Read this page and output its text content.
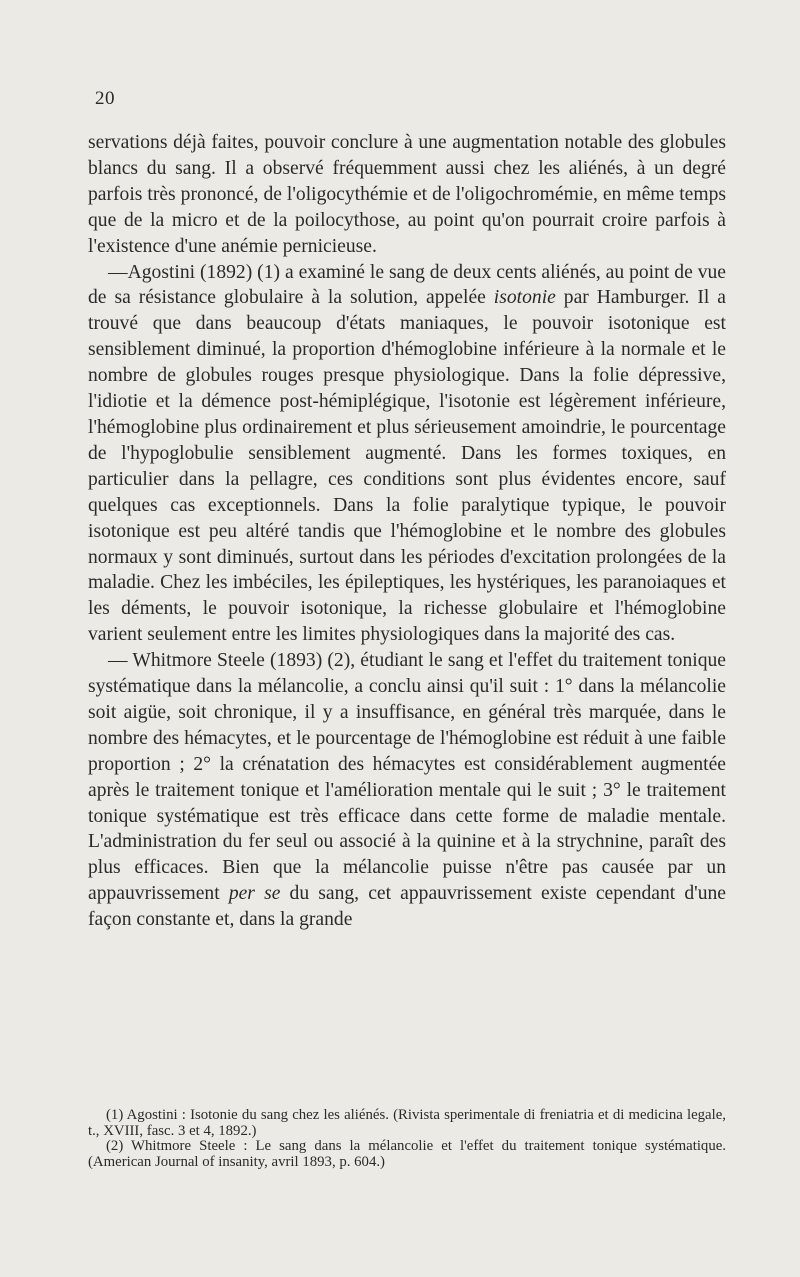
20

servations déjà faites, pouvoir conclure à une augmentation notable des globules blancs du sang. Il a observé fréquemment aussi chez les aliénés, à un degré parfois très prononcé, de l'oligocythémie et de l'oligochromémie, en même temps que de la micro et de la poilocythose, au point qu'on pourrait croire parfois à l'existence d'une anémie pernicieuse.

—Agostini (1892) (1) a examiné le sang de deux cents aliénés, au point de vue de sa résistance globulaire à la solution, appelée isotonie par Hamburger. Il a trouvé que dans beaucoup d'états maniaques, le pouvoir isotonique est sensiblement diminué, la proportion d'hémoglobine inférieure à la normale et le nombre de globules rouges presque physiologique. Dans la folie dépressive, l'idiotie et la démence post-hémiplégique, l'isotonie est légèrement inférieure, l'hémoglobine plus ordinairement et plus sérieusement amoindrie, le pourcentage de l'hypoglobulie sensiblement augmenté. Dans les formes toxiques, en particulier dans la pellagre, ces conditions sont plus évidentes encore, sauf quelques cas exceptionnels. Dans la folie paralytique typique, le pouvoir isotonique est peu altéré tandis que l'hémoglobine et le nombre des globules normaux y sont diminués, surtout dans les périodes d'excitation prolongées de la maladie. Chez les imbéciles, les épileptiques, les hystériques, les paranoiaques et les déments, le pouvoir isotonique, la richesse globulaire et l'hémoglobine varient seulement entre les limites physiologiques dans la majorité des cas.

— Whitmore Steele (1893) (2), étudiant le sang et l'effet du traitement tonique systématique dans la mélancolie, a conclu ainsi qu'il suit : 1° dans la mélancolie soit aigüe, soit chronique, il y a insuffisance, en général très marquée, dans le nombre des hémacytes, et le pourcentage de l'hémoglobine est réduit à une faible proportion ; 2° la crénatation des hémacytes est considérablement augmentée après le traitement tonique et l'amélioration mentale qui le suit ; 3° le traitement tonique systématique est très efficace dans cette forme de maladie mentale. L'administration du fer seul ou associé à la quinine et à la strychnine, paraît des plus efficaces. Bien que la mélancolie puisse n'être pas causée par un appauvrissement per se du sang, cet appauvrissement existe cependant d'une façon constante et, dans la grande

(1) Agostini : Isotonie du sang chez les aliénés. (Rivista sperimentale di freniatria et di medicina legale, t., XVIII, fasc. 3 et 4, 1892.)

(2) Whitmore Steele : Le sang dans la mélancolie et l'effet du traitement tonique systématique. (American Journal of insanity, avril 1893, p. 604.)
